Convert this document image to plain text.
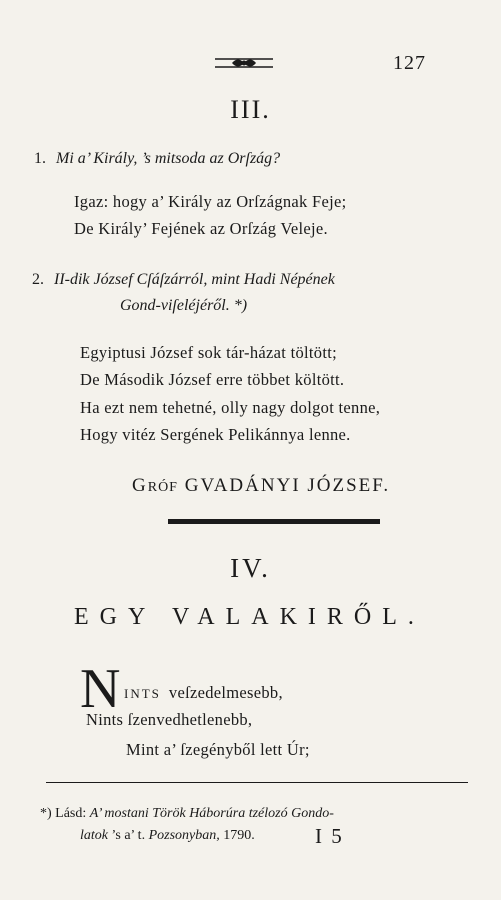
127
III.
1. Mi a’ Király, ’s mitsoda az Orſzág?
Igaz: hogy a’ Király az Orſzágnak Feje;
De Király’ Fejének az Orſzág Veleje.
2. II-dik József Cſáſzárról, mint Hadi Népének
Gond-viſeléjéről. *)
Egyiptusi József sok tár-házat töltött;
De Második József erre többet költött.
Ha ezt nem tehetné, olly nagy dolgot tenne,
Hogy vitéz Sergének Pelikánnya lenne.
GRÓF GVADÁNYI JÓZSEF.
IV.
EGY VALAKIRŐL.
N INTS veſzedelmesebb,
Nints ſzenvedhetlenebb,
Mint a’ ſzegényből lett Úr;
*) Lásd: A’ mostani Török Háborúra tzélozó Gondo-
latok ’s a’ t. Pozsonyban, 1790.	I 5
